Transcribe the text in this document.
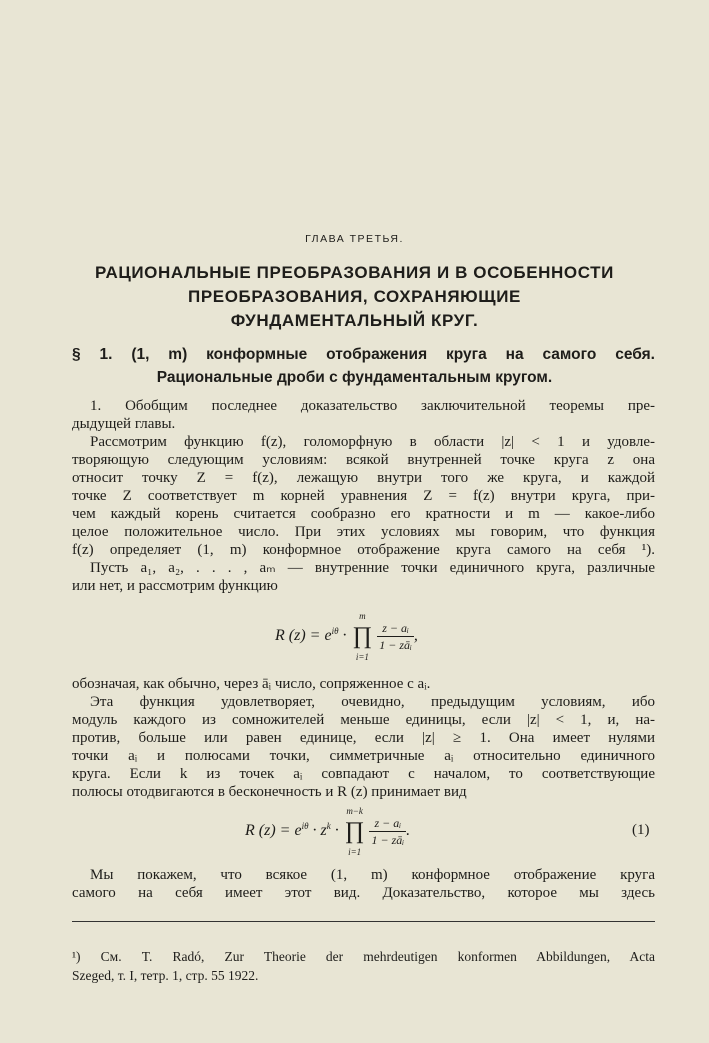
ГЛАВА ТРЕТЬЯ.
РАЦИОНАЛЬНЫЕ ПРЕОБРАЗОВАНИЯ И В ОСОБЕННОСТИ
ПРЕОБРАЗОВАНИЯ, СОХРАНЯЮЩИЕ
ФУНДАМЕНТАЛЬНЫЙ КРУГ.
§ 1. (1, m) конформные отображения круга на самого себя.
Рациональные дроби с фундаментальным кругом.
1. Обобщим последнее доказательство заключительной теоремы пре-
дыдущей главы.
Рассмотрим функцию f(z), голоморфную в области |z| < 1 и удовле-
творяющую следующим условиям: всякой внутренней точке круга z она
относит точку Z = f(z), лежащую внутри того же круга, и каждой
точке Z соответствует m корней уравнения Z = f(z) внутри круга, при-
чем каждый корень считается сообразно его кратности и m — какое-либо
целое положительное число. При этих условиях мы говорим, что функция
f(z) определяет (1, m) конформное отображение круга самого на себя ¹).
Пусть a₁, a₂, . . . , aₘ — внутренние точки единичного круга, различные
или нет, и рассмотрим функцию
R $(z) = e^{i\theta}$ ·
m
∏
i=1
$\frac{\text{z − aᵢ}}{\text{1 − zāᵢ}}$ ,
обозначая, как обычно, через āᵢ число, сопряженное с aᵢ.
Эта функция удовлетворяет, очевидно, предыдущим условиям, ибо
модуль каждого из сомножителей меньше единицы, если |z| < 1, и, на-
против, больше или равен единице, если |z| ≥ 1. Она имеет нулями
точки aᵢ и полюсами точки, симметричные aᵢ относительно единичного
круга. Если k из точек aᵢ совпадают с началом, то соответствующие
полюсы отодвигаются в бесконечность и R (z) принимает вид
R $(z) = e^{i\theta} \cdot z^k$ ·
m−k
∏
i=1
$\frac{\text{z − aᵢ}}{\text{1 − zāᵢ}}$ .	(1)
Мы покажем, что всякое (1, m) конформное отображение круга
самого на себя имеет этот вид. Доказательство, которое мы здесь
¹) См. T. Radó, Zur Theorie der mehrdeutigen konformen Abbildungen, Acta
Szeged, т. I, тетр. 1, стр. 55 1922.
